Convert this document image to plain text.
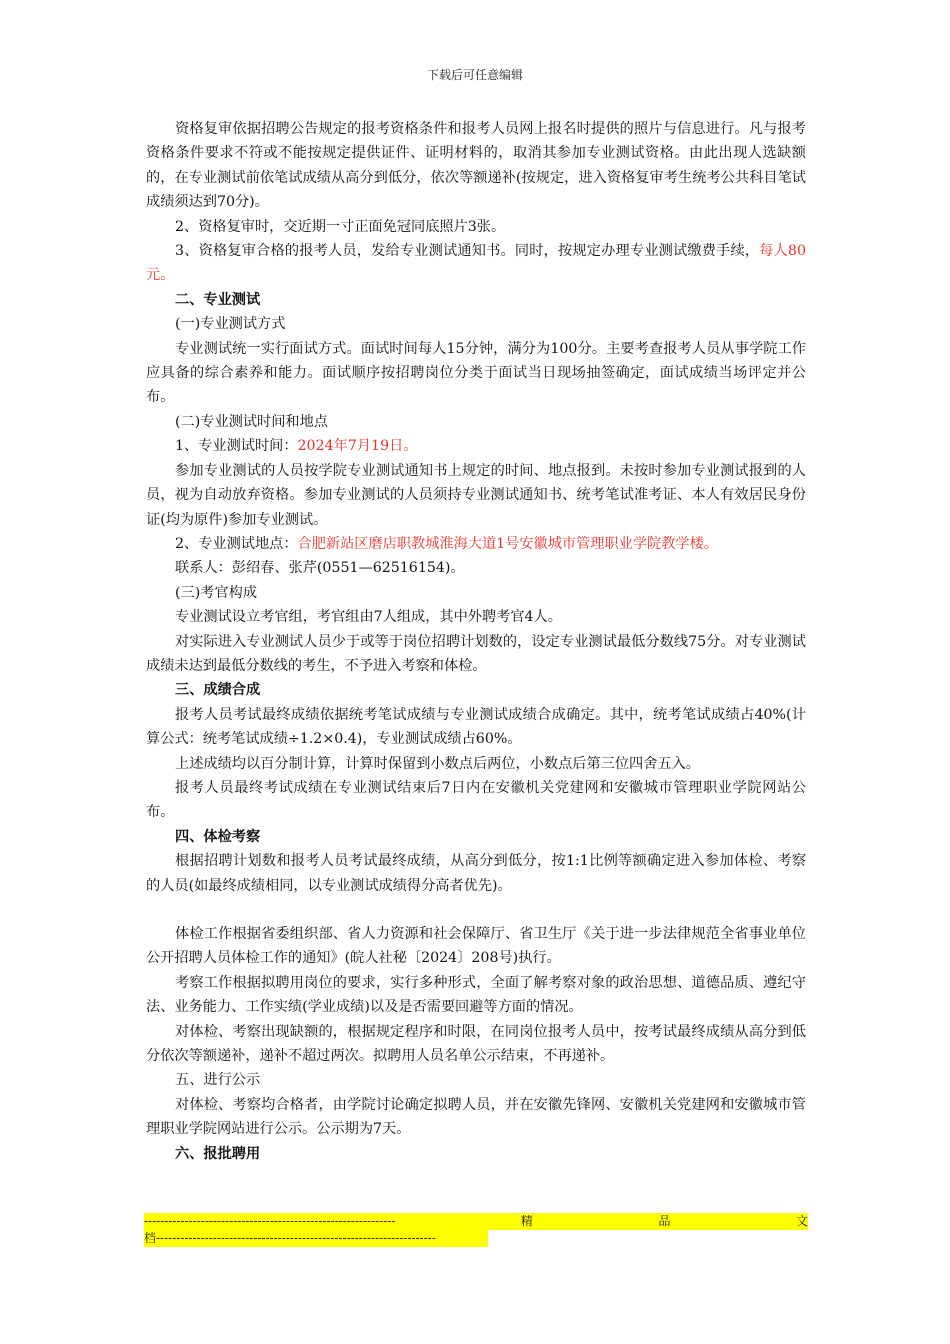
下载后可任意编辑

资格复审依据招聘公告规定的报考资格条件和报考人员网上报名时提供的照片与信息进行。凡与报考资格条件要求不符或不能按规定提供证件、证明材料的，取消其参加专业测试资格。由此出现人选缺额的，在专业测试前依笔试成绩从高分到低分，依次等额递补(按规定，进入资格复审考生统考公共科目笔试成绩须达到70分)。

2、资格复审时，交近期一寸正面免冠同底照片3张。

3、资格复审合格的报考人员，发给专业测试通知书。同时，按规定办理专业测试缴费手续，每人80元。

二、专业测试

(一)专业测试方式

专业测试统一实行面试方式。面试时间每人15分钟，满分为100分。主要考查报考人员从事学院工作应具备的综合素养和能力。面试顺序按招聘岗位分类于面试当日现场抽签确定，面试成绩当场评定并公布。

(二)专业测试时间和地点

1、专业测试时间：2024年7月19日。

参加专业测试的人员按学院专业测试通知书上规定的时间、地点报到。未按时参加专业测试报到的人员，视为自动放弃资格。参加专业测试的人员须持专业测试通知书、统考笔试准考证、本人有效居民身份证(均为原件)参加专业测试。

2、专业测试地点：合肥新站区磨店职教城淮海大道1号安徽城市管理职业学院教学楼。

联系人：彭绍春、张芹(0551—62516154)。

(三)考官构成

专业测试设立考官组，考官组由7人组成，其中外聘考官4人。

对实际进入专业测试人员少于或等于岗位招聘计划数的，设定专业测试最低分数线75分。对专业测试成绩未达到最低分数线的考生，不予进入考察和体检。

三、成绩合成

报考人员考试最终成绩依据统考笔试成绩与专业测试成绩合成确定。其中，统考笔试成绩占40%(计算公式：统考笔试成绩÷1.2×0.4)，专业测试成绩占60%。

上述成绩均以百分制计算，计算时保留到小数点后两位，小数点后第三位四舍五入。

报考人员最终考试成绩在专业测试结束后7日内在安徽机关党建网和安徽城市管理职业学院网站公布。

四、体检考察

根据招聘计划数和报考人员考试最终成绩，从高分到低分，按1:1比例等额确定进入参加体检、考察的人员(如最终成绩相同，以专业测试成绩得分高者优先)。

体检工作根据省委组织部、省人力资源和社会保障厅、省卫生厅《关于进一步法律规范全省事业单位公开招聘人员体检工作的通知》(皖人社秘〔2024〕208号)执行。

考察工作根据拟聘用岗位的要求，实行多种形式，全面了解考察对象的政治思想、道德品质、遵纪守法、业务能力、工作实绩(学业成绩)以及是否需要回避等方面的情况。

对体检、考察出现缺额的，根据规定程序和时限，在同岗位报考人员中，按考试最终成绩从高分到低分依次等额递补，递补不超过两次。拟聘用人员名单公示结束，不再递补。

五、进行公示

对体检、考察均合格者，由学院讨论确定拟聘人员，并在安徽先锋网、安徽机关党建网和安徽城市管理职业学院网站进行公示。公示期为7天。

六、报批聘用

--------------------------------------------------------------	精	品	文
档---------------------------------------------------------------------
